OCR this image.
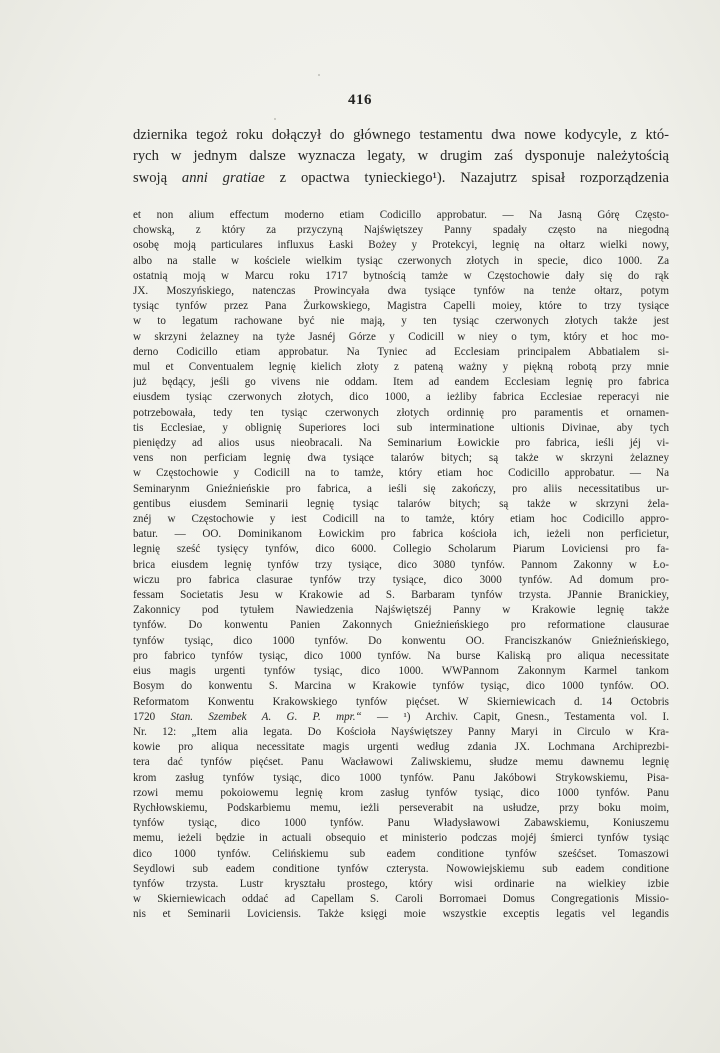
416
dziernika tegoż roku dołączył do głównego testamentu dwa nowe kodycyle, z któ-
rych w jednym dalsze wyznacza legaty, w drugim zaś dysponuje należytością
swoją anni gratiae z opactwa tynieckiego¹). Nazajutrz spisał rozporządzenia
et non alium effectum moderno etiam Codicillo approbatur. — Na Jasną Górę Często-
chowską, z który za przyczyną Najświętszey Panny spadały często na niegodną
osobę moją particulares influxus Łaski Bożey y Protekcyi, legnię na ołtarz wielki nowy,
albo na stalle w kościele wielkim tysiąc czerwonych złotych in specie, dico 1000. Za
ostatnią moją w Marcu roku 1717 bytnością tamże w Częstochowie dały się do rąk
JX. Moszyńskiego, natenczas Prowincyała dwa tysiące tynfów na tenże ołtarz, potym
tysiąc tynfów przez Pana Żurkowskiego, Magistra Capelli moiey, które to trzy tysiące
w to legatum rachowane być nie mają, y ten tysiąc czerwonych złotych także jest
w skrzyni żelazney na tyże Jasnéj Górze y Codicill w niey o tym, który et hoc mo-
derno Codicillo etiam approbatur. Na Tyniec ad Ecclesiam principalem Abbatialem si-
mul et Conventualem legnię kielich złoty z pateną ważny y piękną robotą przy mnie
już będący, jeśli go vivens nie oddam. Item ad eandem Ecclesiam legnię pro fabrica
eiusdem tysiąc czerwonych złotych, dico 1000, a ieżliby fabrica Ecclesiae reperacyi nie
potrzebowała, tedy ten tysiąc czerwonych złotych ordinnię pro paramentis et ornamen-
tis Ecclesiae, y oblignię Superiores loci sub interminatione ultionis Divinae, aby tych
pieniędzy ad alios usus nieobracali. Na Seminarium Łowickie pro fabrica, ieśli jéj vi-
vens non perficiam legnię dwa tysiące talarów bitych; są także w skrzyni żelazney
w Częstochowie y Codicill na to tamże, który etiam hoc Codicillo approbatur. — Na
Seminarynm Gnieźnieńskie pro fabrica, a ieśli się zakończy, pro aliis necessitatibus ur-
gentibus eiusdem Seminarii legnię tysiąc talarów bitych; są także w skrzyni żela-
znéj w Częstochowie y iest Codicill na to tamże, który etiam hoc Codicillo appro-
batur. — OO. Dominikanom Łowickim pro fabrica kościoła ich, ieżeli non perficietur,
legnię sześć tysięcy tynfów, dico 6000. Collegio Scholarum Piarum Loviciensi pro fa-
brica eiusdem legnię tynfów trzy tysiące, dico 3080 tynfów. Pannom Zakonny w Ło-
wiczu pro fabrica clasurae tynfów trzy tysiące, dico 3000 tynfów. Ad domum pro-
fessam Societatis Jesu w Krakowie ad S. Barbaram tynfów trzysta. JPannie Branickiey,
Zakonnicy pod tytułem Nawiedzenia Najświętszéj Panny w Krakowie legnię także
tynfów. Do konwentu Panien Zakonnych Gnieźnieńskiego pro reformatione clausurae
tynfów tysiąc, dico 1000 tynfów. Do konwentu OO. Franciszkanów Gnieźnieńskiego,
pro fabrico tynfów tysiąc, dico 1000 tynfów. Na burse Kaliską pro aliqua necessitate
eius magis urgenti tynfów tysiąc, dico 1000. WWPannom Zakonnym Karmel tankom
Bosym do konwentu S. Marcina w Krakowie tynfów tysiąc, dico 1000 tynfów. OO.
Reformatom Konwentu Krakowskiego tynfów pięćset. W Skierniewicach d. 14 Octobris
1720 Stan. Szembek A. G. P. mpr.“ — ¹) Archiv. Capit, Gnesn., Testamenta vol. I.
Nr. 12: „Item alia legata. Do Kościoła Nayświętszey Panny Maryi in Circulo w Kra-
kowie pro aliqua necessitate magis urgenti według zdania JX. Lochmana Archiprezbi-
tera dać tynfów pięćset. Panu Wacławowi Zaliwskiemu, słudze memu dawnemu legnię
krom zasług tynfów tysiąc, dico 1000 tynfów. Panu Jakóbowi Strykowskiemu, Pisa-
rzowi memu pokoiowemu legnię krom zasług tynfów tysiąc, dico 1000 tynfów. Panu
Rychłowskiemu, Podskarbiemu memu, ieżli perseverabit na usłudze, przy boku moim,
tynfów tysiąc, dico 1000 tynfów. Panu Władysławowi Zabawskiemu, Koniuszemu
memu, ieżeli będzie in actuali obsequio et ministerio podczas mojéj śmierci tynfów tysiąc
dico 1000 tynfów. Celińskiemu sub eadem conditione tynfów sześćset. Tomaszowi
Seydlowi sub eadem conditione tynfów czterysta. Nowowiejskiemu sub eadem conditione
tynfów trzysta. Lustr kryształu prostego, który wisi ordinarie na wielkiey izbie
w Skierniewicach oddać ad Capellam S. Caroli Borromaei Domus Congregationis Missio-
nis et Seminarii Loviciensis. Także księgi moie wszystkie exceptis legatis vel legandis
